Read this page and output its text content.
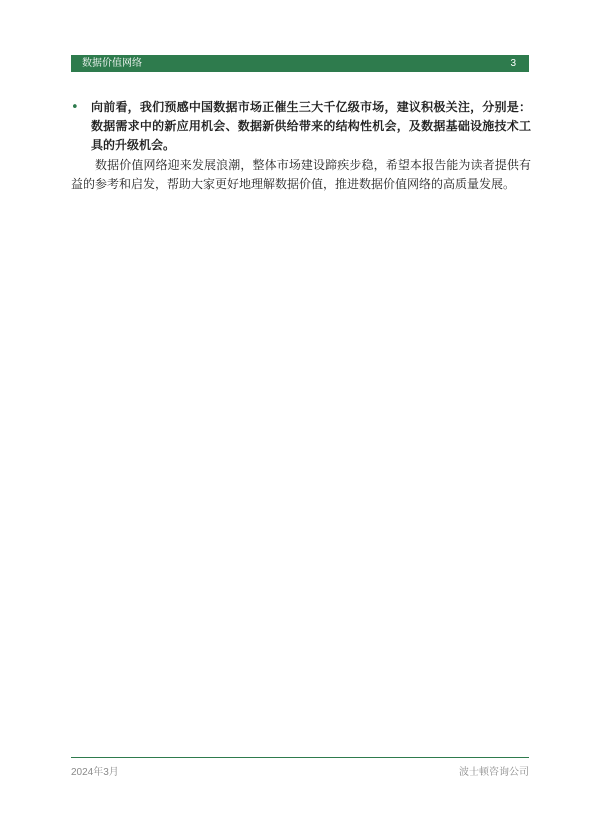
数据价值网络	3
• 向前看，我们预感中国数据市场正催生三大千亿级市场，建议积极关注，分别是：数据需求中的新应用机会、数据新供给带来的结构性机会，及数据基础设施技术工具的升级机会。
数据价值网络迎来发展浪潮，整体市场建设蹄疾步稳，希望本报告能为读者提供有益的参考和启发，帮助大家更好地理解数据价值，推进数据价值网络的高质量发展。
2024年3月	波士顿咨询公司
